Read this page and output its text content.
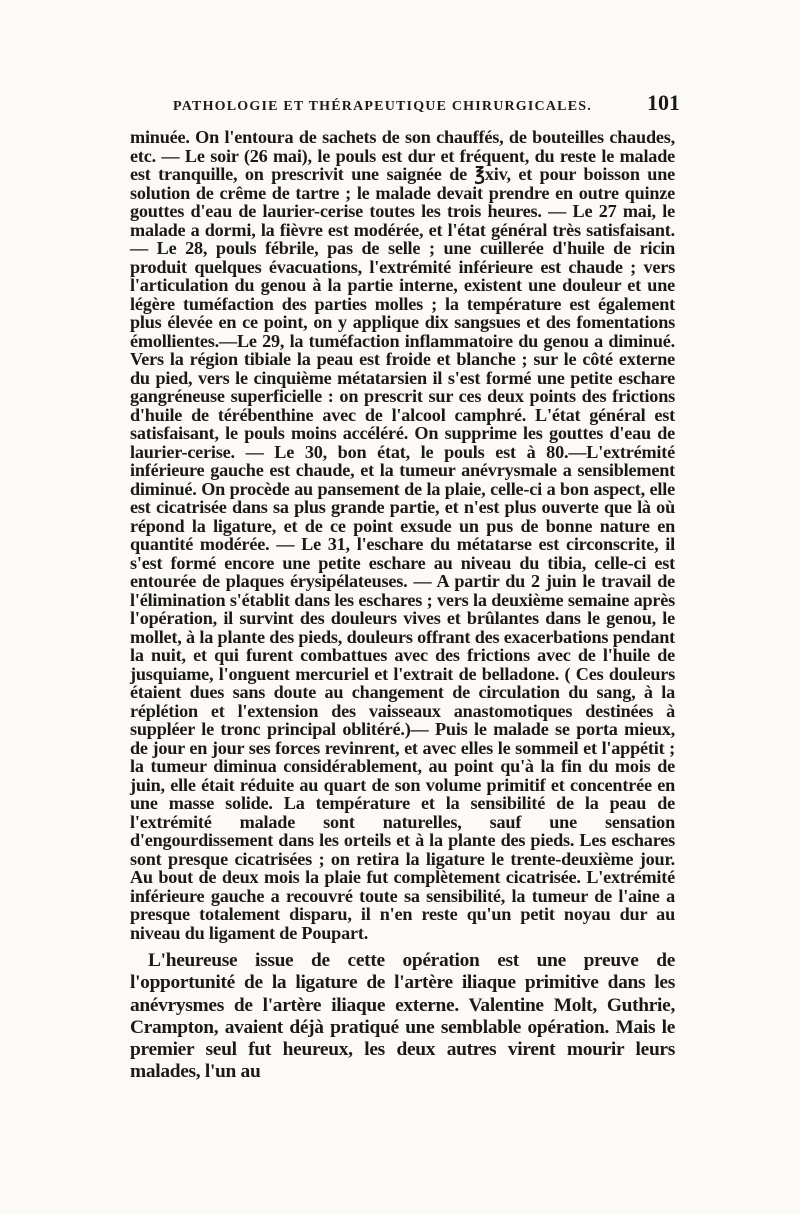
PATHOLOGIE ET THÉRAPEUTIQUE CHIRURGICALES.	101

minuée. On l'entoura de sachets de son chauffés, de bouteilles chaudes, etc. — Le soir (26 mai), le pouls est dur et fréquent, du reste le malade est tranquille, on prescrivit une saignée de ℥xiv, et pour boisson une solution de crême de tartre ; le malade devait prendre en outre quinze gouttes d'eau de laurier-cerise toutes les trois heures. — Le 27 mai, le malade a dormi, la fièvre est modérée, et l'état général très satisfaisant. — Le 28, pouls fébrile, pas de selle ; une cuillerée d'huile de ricin produit quelques évacuations, l'extrémité inférieure est chaude ; vers l'articulation du genou à la partie interne, existent une douleur et une légère tuméfaction des parties molles ; la température est également plus élevée en ce point, on y applique dix sangsues et des fomentations émollientes.—Le 29, la tuméfaction inflammatoire du genou a diminué. Vers la région tibiale la peau est froide et blanche ; sur le côté externe du pied, vers le cinquième métatarsien il s'est formé une petite eschare gangréneuse superficielle : on prescrit sur ces deux points des frictions d'huile de térébenthine avec de l'alcool camphré. L'état général est satisfaisant, le pouls moins accéléré. On supprime les gouttes d'eau de laurier-cerise. — Le 30, bon état, le pouls est à 80.—L'extrémité inférieure gauche est chaude, et la tumeur anévrysmale a sensiblement diminué. On procède au pansement de la plaie, celle-ci a bon aspect, elle est cicatrisée dans sa plus grande partie, et n'est plus ouverte que là où répond la ligature, et de ce point exsude un pus de bonne nature en quantité modérée. — Le 31, l'eschare du métatarse est circonscrite, il s'est formé encore une petite eschare au niveau du tibia, celle-ci est entourée de plaques érysipélateuses. — A partir du 2 juin le travail de l'élimination s'établit dans les eschares ; vers la deuxième semaine après l'opération, il survint des douleurs vives et brûlantes dans le genou, le mollet, à la plante des pieds, douleurs offrant des exacerbations pendant la nuit, et qui furent combattues avec des frictions avec de l'huile de jusquiame, l'onguent mercuriel et l'extrait de belladone. ( Ces douleurs étaient dues sans doute au changement de circulation du sang, à la réplétion et l'extension des vaisseaux anastomotiques destinées à suppléer le tronc principal oblitéré.)— Puis le malade se porta mieux, de jour en jour ses forces revinrent, et avec elles le sommeil et l'appétit ; la tumeur diminua considérablement, au point qu'à la fin du mois de juin, elle était réduite au quart de son volume primitif et concentrée en une masse solide. La température et la sensibilité de la peau de l'extrémité malade sont naturelles, sauf une sensation d'engourdissement dans les orteils et à la plante des pieds. Les eschares sont presque cicatrisées ; on retira la ligature le trente-deuxième jour. Au bout de deux mois la plaie fut complètement cicatrisée. L'extrémité inférieure gauche a recouvré toute sa sensibilité, la tumeur de l'aine a presque totalement disparu, il n'en reste qu'un petit noyau dur au niveau du ligament de Poupart.

L'heureuse issue de cette opération est une preuve de l'opportunité de la ligature de l'artère iliaque primitive dans les anévrysmes de l'artère iliaque externe. Valentine Molt, Guthrie, Crampton, avaient déjà pratiqué une semblable opération. Mais le premier seul fut heureux, les deux autres virent mourir leurs malades, l'un au
